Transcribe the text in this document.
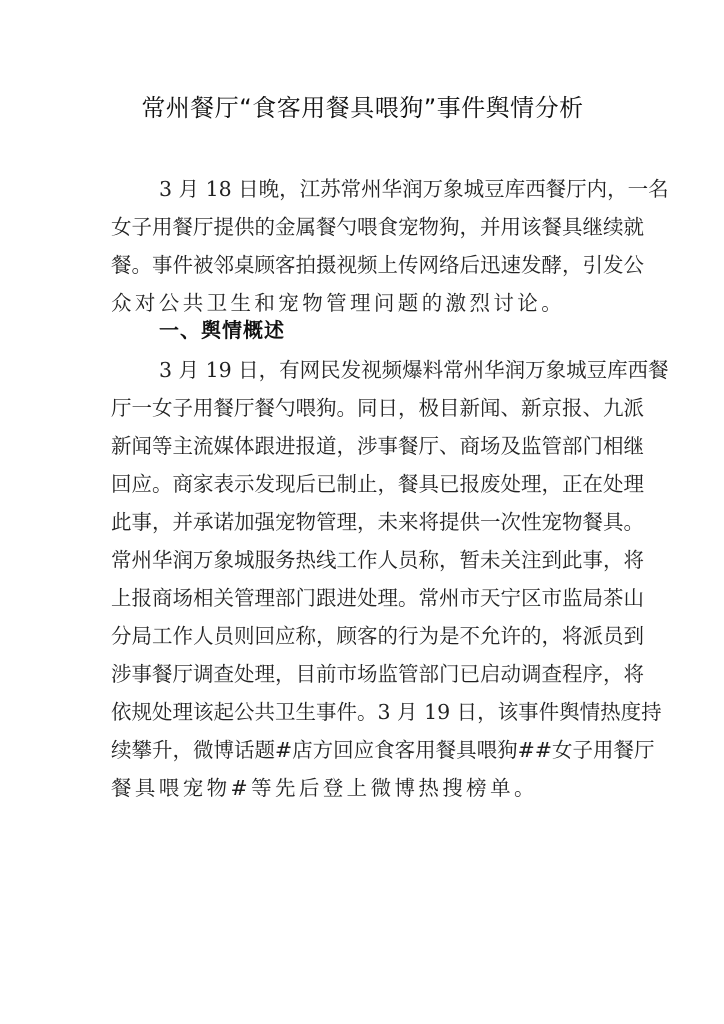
常州餐厅“食客用餐具喂狗”事件舆情分析
3 月 18 日晚，江苏常州华润万象城豆库西餐厅内，一名
女子用餐厅提供的金属餐勺喂食宠物狗，并用该餐具继续就
餐。事件被邻桌顾客拍摄视频上传网络后迅速发酵，引发公
众对公共卫生和宠物管理问题的激烈讨论。
一、舆情概述
3 月 19 日，有网民发视频爆料常州华润万象城豆库西餐
厅一女子用餐厅餐勺喂狗。同日，极目新闻、新京报、九派
新闻等主流媒体跟进报道，涉事餐厅、商场及监管部门相继
回应。商家表示发现后已制止，餐具已报废处理，正在处理
此事，并承诺加强宠物管理，未来将提供一次性宠物餐具。
常州华润万象城服务热线工作人员称，暂未关注到此事，将
上报商场相关管理部门跟进处理。常州市天宁区市监局茶山
分局工作人员则回应称，顾客的行为是不允许的，将派员到
涉事餐厅调查处理，目前市场监管部门已启动调查程序，将
依规处理该起公共卫生事件。3 月 19 日，该事件舆情热度持
续攀升，微博话题#店方回应食客用餐具喂狗##女子用餐厅
餐具喂宠物#等先后登上微博热搜榜单。
